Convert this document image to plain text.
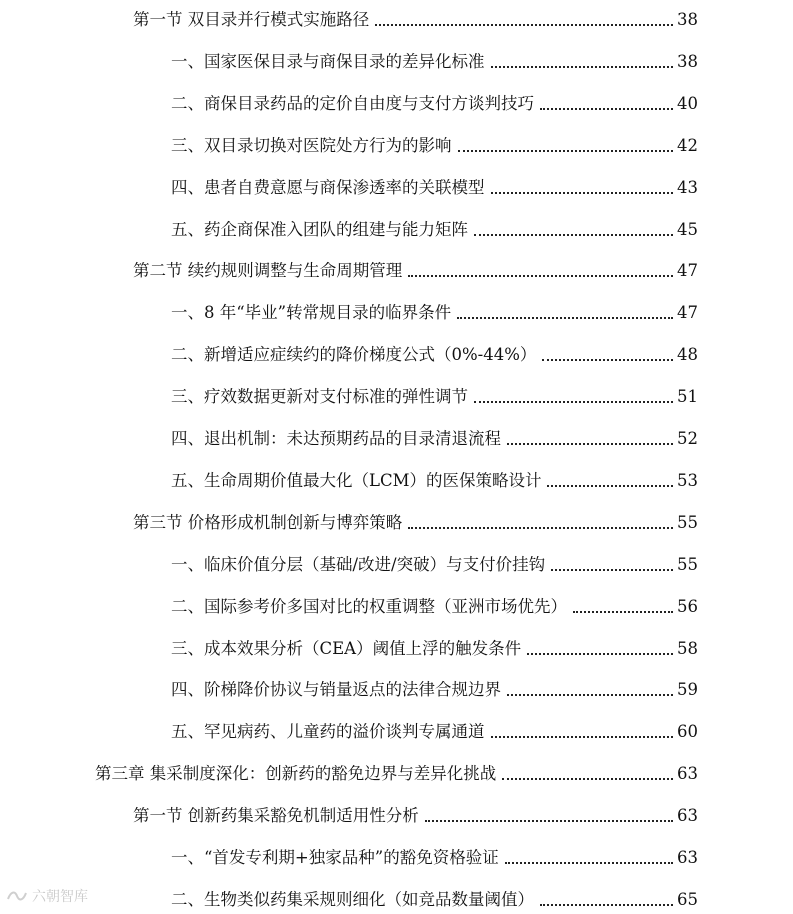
第一节 双目录并行模式实施路径	38
一、国家医保目录与商保目录的差异化标准	38
二、商保目录药品的定价自由度与支付方谈判技巧	40
三、双目录切换对医院处方行为的影响	42
四、患者自费意愿与商保渗透率的关联模型	43
五、药企商保准入团队的组建与能力矩阵	45
第二节 续约规则调整与生命周期管理	47
一、8 年“毕业”转常规目录的临界条件	47
二、新增适应症续约的降价梯度公式（0%-44%）	48
三、疗效数据更新对支付标准的弹性调节	51
四、退出机制：未达预期药品的目录清退流程	52
五、生命周期价值最大化（LCM）的医保策略设计	53
第三节 价格形成机制创新与博弈策略	55
一、临床价值分层（基础/改进/突破）与支付价挂钩	55
二、国际参考价多国对比的权重调整（亚洲市场优先）	56
三、成本效果分析（CEA）阈值上浮的触发条件	58
四、阶梯降价协议与销量返点的法律合规边界	59
五、罕见病药、儿童药的溢价谈判专属通道	60
第三章 集采制度深化：创新药的豁免边界与差异化挑战	63
第一节 创新药集采豁免机制适用性分析	63
一、“首发专利期+独家品种”的豁免资格验证	63
二、生物类似药集采规则细化（如竞品数量阈值）	65
六朝智库
